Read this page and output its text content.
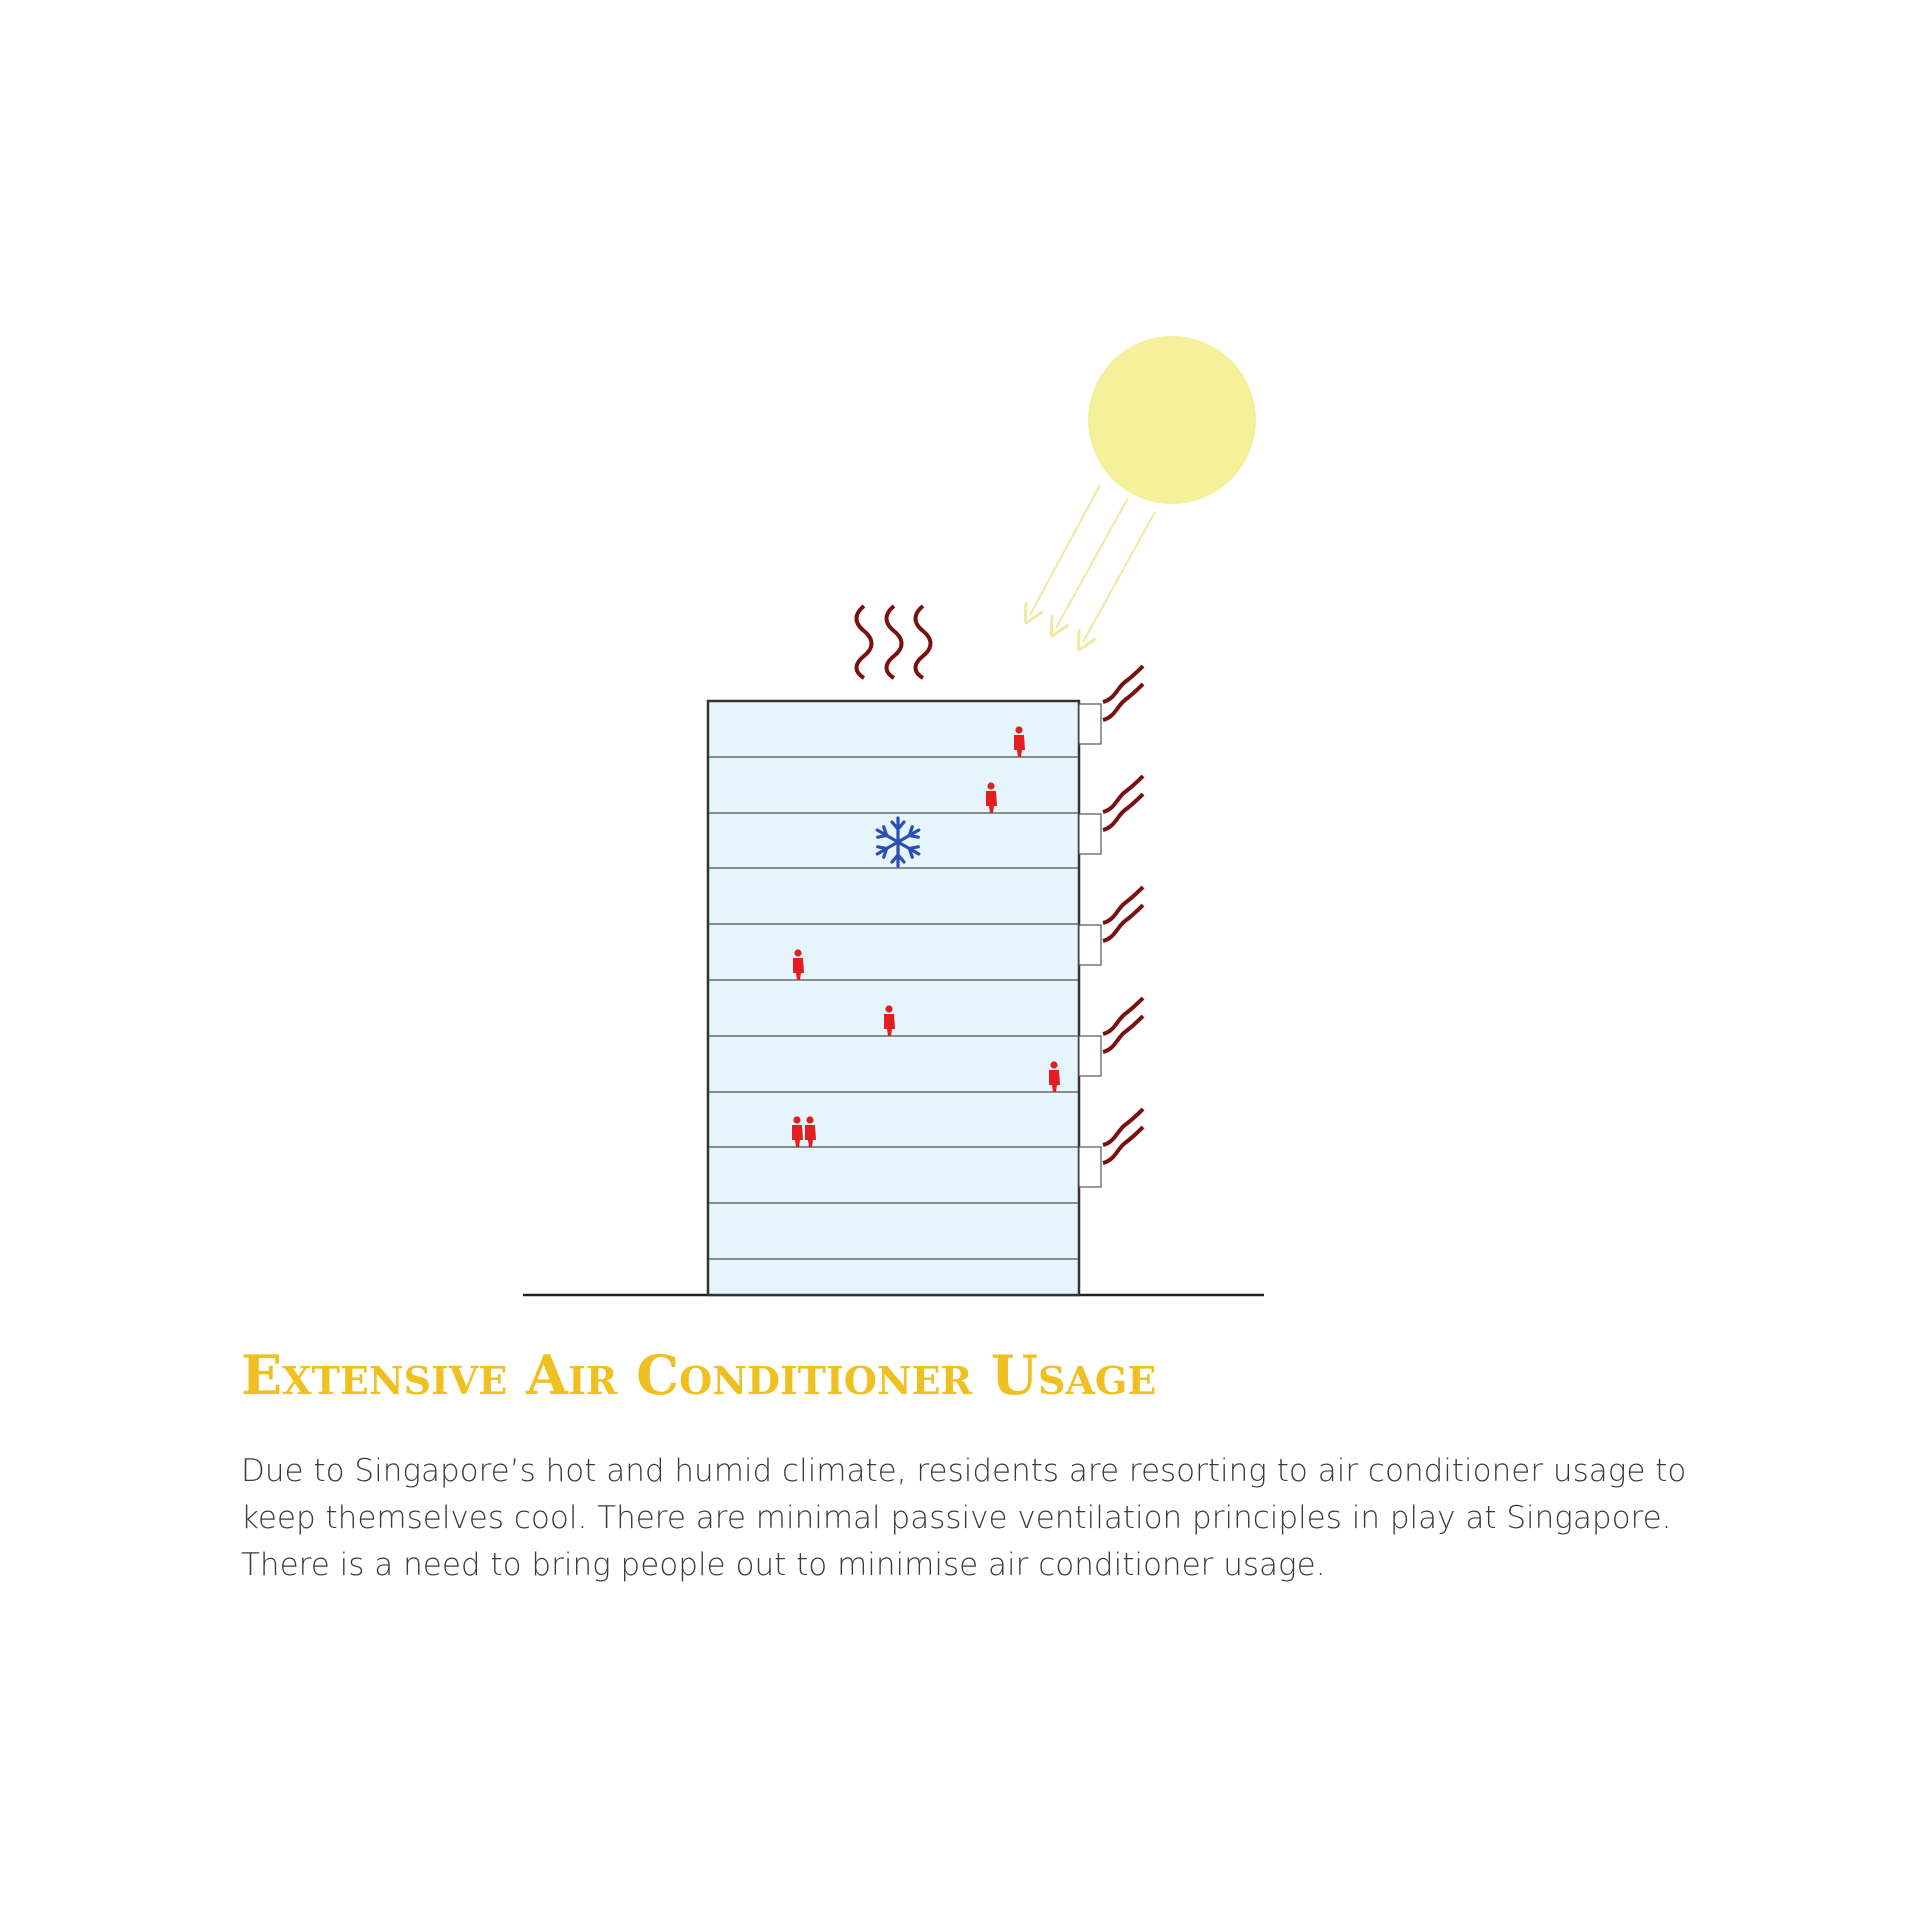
Extensive Air Conditioner Usage

Due to Singapore’s hot and humid climate, residents are resorting to air conditioner usage to
keep themselves cool. There are minimal passive ventilation principles in play at Singapore.
There is a need to bring people out to minimise air conditioner usage.
